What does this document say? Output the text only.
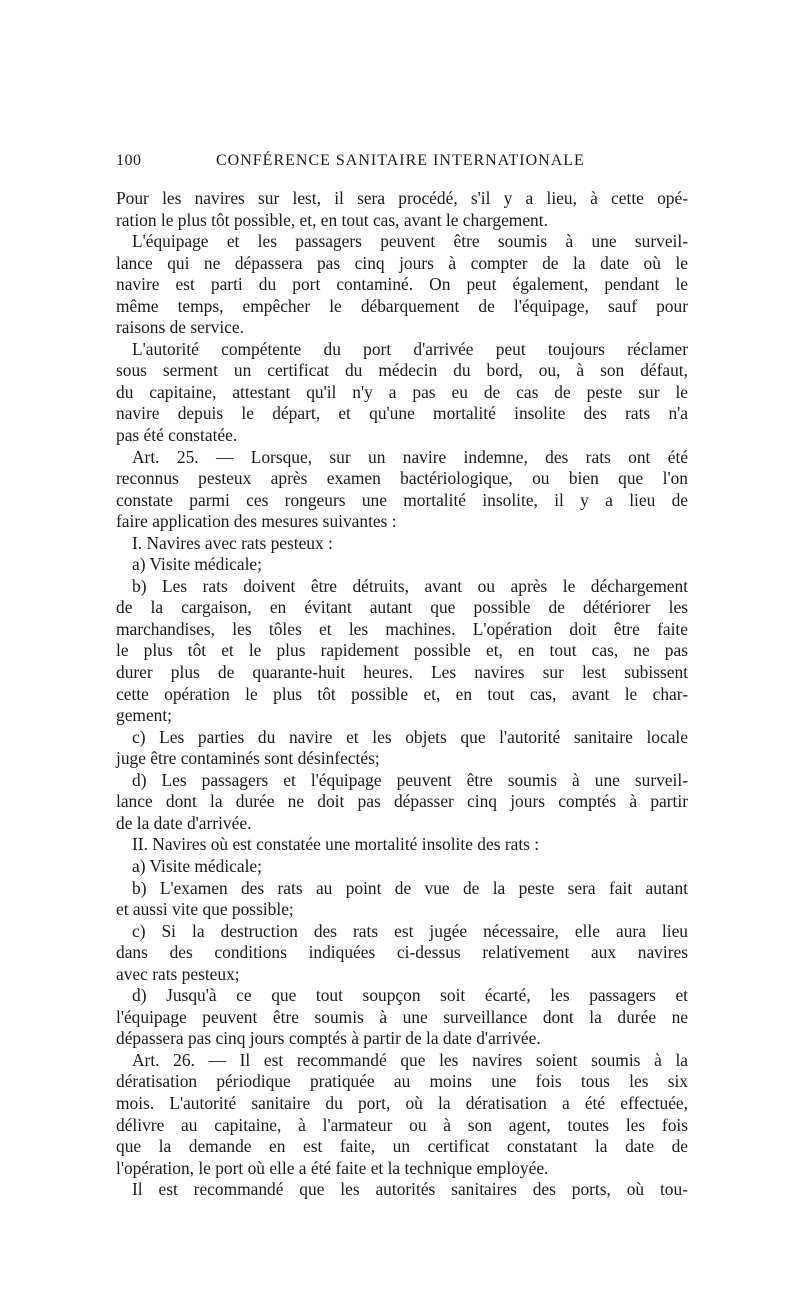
100	CONFÉRENCE SANITAIRE INTERNATIONALE
Pour les navires sur lest, il sera procédé, s'il y a lieu, à cette opé-
ration le plus tôt possible, et, en tout cas, avant le chargement.
L'équipage et les passagers peuvent être soumis à une surveil-
lance qui ne dépassera pas cinq jours à compter de la date où le
navire est parti du port contaminé. On peut également, pendant le
même temps, empêcher le débarquement de l'équipage, sauf pour
raisons de service.
L'autorité compétente du port d'arrivée peut toujours réclamer
sous serment un certificat du médecin du bord, ou, à son défaut,
du capitaine, attestant qu'il n'y a pas eu de cas de peste sur le
navire depuis le départ, et qu'une mortalité insolite des rats n'a
pas été constatée.
Art. 25. — Lorsque, sur un navire indemne, des rats ont été
reconnus pesteux après examen bactériologique, ou bien que l'on
constate parmi ces rongeurs une mortalité insolite, il y a lieu de
faire application des mesures suivantes :
I. Navires avec rats pesteux :
a) Visite médicale;
b) Les rats doivent être détruits, avant ou après le déchargement
de la cargaison, en évitant autant que possible de détériorer les
marchandises, les tôles et les machines. L'opération doit être faite
le plus tôt et le plus rapidement possible et, en tout cas, ne pas
durer plus de quarante-huit heures. Les navires sur lest subissent
cette opération le plus tôt possible et, en tout cas, avant le char-
gement;
c) Les parties du navire et les objets que l'autorité sanitaire locale
juge être contaminés sont désinfectés;
d) Les passagers et l'équipage peuvent être soumis à une surveil-
lance dont la durée ne doit pas dépasser cinq jours comptés à partir
de la date d'arrivée.
II. Navires où est constatée une mortalité insolite des rats :
a) Visite médicale;
b) L'examen des rats au point de vue de la peste sera fait autant
et aussi vite que possible;
c) Si la destruction des rats est jugée nécessaire, elle aura lieu
dans des conditions indiquées ci-dessus relativement aux navires
avec rats pesteux;
d) Jusqu'à ce que tout soupçon soit écarté, les passagers et
l'équipage peuvent être soumis à une surveillance dont la durée ne
dépassera pas cinq jours comptés à partir de la date d'arrivée.
Art. 26. — Il est recommandé que les navires soient soumis à la
dératisation périodique pratiquée au moins une fois tous les six
mois. L'autorité sanitaire du port, où la dératisation a été effectuée,
délivre au capitaine, à l'armateur ou à son agent, toutes les fois
que la demande en est faite, un certificat constatant la date de
l'opération, le port où elle a été faite et la technique employée.
Il est recommandé que les autorités sanitaires des ports, où tou-
